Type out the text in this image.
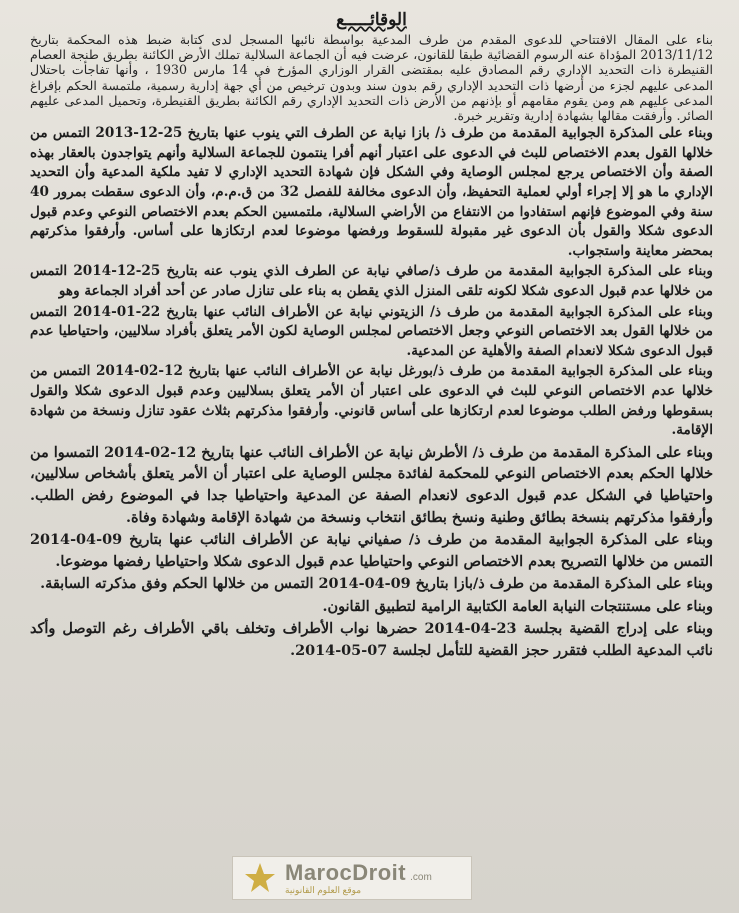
الوقائـــــع

بناء على المقال الافتتاحي للدعوى المقدم من طرف المدعية بواسطة نائبها المسجل لدى كتابة ضبط هذه المحكمة بتاريخ 2013/11/12 المؤداة عنه الرسوم القضائية طبقا للقانون، عرضت فيه أن الجماعة السلالية تملك الأرض الكائنة بطريق طنجة العصام القنيطرة ذات التحديد الإداري رقم المصادق عليه بمقتضى القرار الوزاري المؤرخ في 14 مارس 1930 ، وأنها تفاجأت باحتلال المدعى عليهم لجزء من أرضها ذات التحديد الإداري رقم بدون سند وبدون ترخيص من أي جهة إدارية رسمية، ملتمسة الحكم بإفراغ المدعى عليهم هم ومن يقوم مقامهم أو بإذنهم من الأرض ذات التحديد الإداري رقم الكائنة بطريق القنيطرة، وتحميل المدعى عليهم الصائر. وأرفقت مقالها بشهادة إدارية وتقرير خبرة.

وبناء على المذكرة الجوابية المقدمة من طرف ذ/ بازا نيابة عن الطرف التي ينوب عنها بتاريخ 25-12-2013 التمس من خلالها القول بعدم الاختصاص للبث في الدعوى على اعتبار أنهم أفرا ينتمون للجماعة السلالية وأنهم يتواجدون بالعقار بهذه الصفة وأن الاختصاص يرجع لمجلس الوصاية وفي الشكل فإن شهادة التحديد الإداري لا تفيد ملكية المدعية وأن التحديد الإداري ما هو إلا إجراء أولي لعملية التحفيظ، وأن الدعوى مخالفة للفصل 32 من ق.م.م، وأن الدعوى سقطت بمرور 40 سنة وفي الموضوع فإنهم استفادوا من الانتفاع من الأراضي السلالية، ملتمسين الحكم بعدم الاختصاص النوعي وعدم قبول الدعوى شكلا والقول بأن الدعوى غير مقبولة للسقوط ورفضها موضوعا لعدم ارتكازها على أساس. وأرفقوا مذكرتهم بمحضر معاينة واستجواب.

وبناء على المذكرة الجوابية المقدمة من طرف ذ/صافي نيابة عن الطرف الذي ينوب عنه بتاريخ 25-12-2014 التمس من خلالها عدم قبول الدعوى شكلا لكونه تلقى المنزل الذي يقطن به بناء على تنازل صادر عن أحد أفراد الجماعة وهو

وبناء على المذكرة الجوابية المقدمة من طرف ذ/ الزيتوني نيابة عن الأطراف النائب عنها بتاريخ 22-01-2014 التمس من خلالها القول بعد الاختصاص النوعي وجعل الاختصاص لمجلس الوصاية لكون الأمر يتعلق بأفراد سلاليين، واحتياطيا عدم قبول الدعوى شكلا لانعدام الصفة والأهلية عن المدعية.

وبناء على المذكرة الجوابية المقدمة من طرف ذ/بورغل نيابة عن الأطراف النائب عنها بتاريخ 12-02-2014 التمس من خلالها عدم الاختصاص النوعي للبث في الدعوى على اعتبار أن الأمر يتعلق بسلاليين وعدم قبول الدعوى شكلا والقول بسقوطها ورفض الطلب موضوعا لعدم ارتكازها على أساس قانوني. وأرفقوا مذكرتهم بثلاث عقود تنازل ونسخة من شهادة الإقامة.

وبناء على المذكرة المقدمة من طرف ذ/ الأطرش نيابة عن الأطراف النائب عنها بتاريخ 12-02-2014 التمسوا من خلالها الحكم بعدم الاختصاص النوعي للمحكمة لفائدة مجلس الوصاية على اعتبار أن الأمر يتعلق بأشخاص سلاليين، واحتياطيا في الشكل عدم قبول الدعوى لانعدام الصفة عن المدعية واحتياطيا جدا في الموضوع رفض الطلب. وأرفقوا مذكرتهم بنسخة بطائق وطنية ونسخ بطائق انتخاب ونسخة من شهادة الإقامة وشهادة وفاة.

وبناء على المذكرة الجوابية المقدمة من طرف ذ/ صفياني نيابة عن الأطراف النائب عنها بتاريخ 09-04-2014 التمس من خلالها التصريح بعدم الاختصاص النوعي واحتياطيا عدم قبول الدعوى شكلا واحتياطيا رفضها موضوعا.

وبناء على المذكرة المقدمة من طرف ذ/بازا بتاريخ 09-04-2014 التمس من خلالها الحكم وفق مذكرته السابقة.

وبناء على مستنتجات النيابة العامة الكتابية الرامية لتطبيق القانون.

وبناء على إدراج القضية بجلسة 23-04-2014 حضرها نواب الأطراف وتخلف باقي الأطراف رغم التوصل وأكد نائب المدعية الطلب فتقرر حجز القضية للتأمل لجلسة 07-05-2014.

MarocDroit .com
موقع العلوم القانونية
